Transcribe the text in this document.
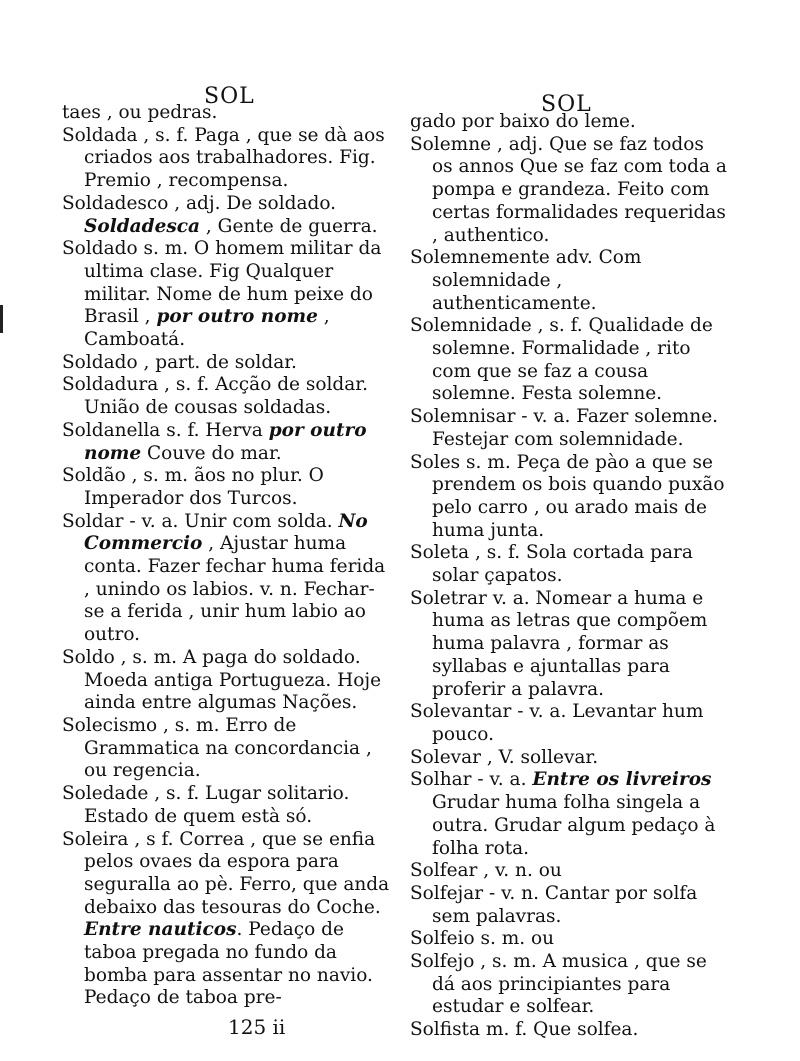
SOL	SOL

taes , ou pedras.

Soldada , s. f. Paga , que se dà aos criados aos trabalhadores. Fig. Premio , recompensa.

Soldadesco , adj. De soldado. Soldadesca , Gente de guerra.

Soldado s. m. O homem militar da ultima clase. Fig Qualquer militar. Nome de hum peixe do Brasil , por outro nome , Camboatá.

Soldado , part. de soldar.

Soldadura , s. f. Acção de soldar. União de cousas soldadas.

Soldanella s. f. Herva por outro nome Couve do mar.

Soldão , s. m. ãos no plur. O Imperador dos Turcos.

Soldar - v. a. Unir com solda. No Commercio , Ajustar huma conta. Fazer fechar huma ferida , unindo os labios. v. n. Fechar-se a ferida , unir hum labio ao outro.

Soldo , s. m. A paga do soldado. Moeda antiga Portugueza. Hoje ainda entre algumas Nações.

Solecismo , s. m. Erro de Grammatica na concordancia , ou regencia.

Soledade , s. f. Lugar solitario. Estado de quem està só.

Soleira , s f. Correa , que se enfia pelos ovaes da espora para seguralla ao pè. Ferro, que anda debaixo das tesouras do Coche. Entre nauticos. Pedaço de taboa pregada no fundo da bomba para assentar no navio. Pedaço de taboa pre-

gado por baixo do leme.

Solemne , adj. Que se faz todos os annos Que se faz com toda a pompa e grandeza. Feito com certas formalidades requeridas , authentico.

Solemnemente adv. Com solemnidade , authenticamente.

Solemnidade , s. f. Qualidade de solemne. Formalidade , rito com que se faz a cousa solemne. Festa solemne.

Solemnisar - v. a. Fazer solemne. Festejar com solemnidade.

Soles s. m. Peça de pào a que se prendem os bois quando puxão pelo carro , ou arado mais de huma junta.

Soleta , s. f. Sola cortada para solar çapatos.

Soletrar v. a. Nomear a huma e huma as letras que compõem huma palavra , formar as syllabas e ajuntallas para proferir a palavra.

Solevantar - v. a. Levantar hum pouco.

Solevar , V. sollevar.

Solhar - v. a. Entre os livreiros Grudar huma folha singela a outra. Grudar algum pedaço à folha rota.

Solfear , v. n. ou

Solfejar - v. n. Cantar por solfa sem palavras.

Solfeio s. m. ou

Solfejo , s. m. A musica , que se dá aos principiantes para estudar e solfear.

Solfista m. f. Que solfea.

125 ii
